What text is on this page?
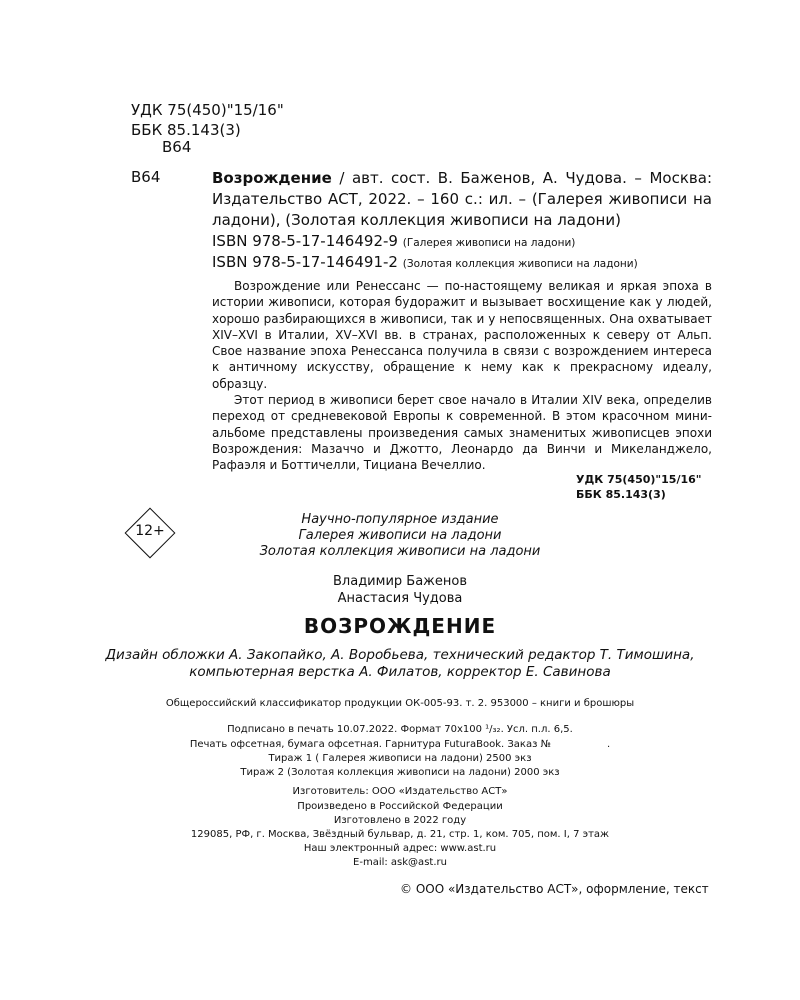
УДК 75(450)"15/16"
ББК 85.143(3)
В64
В64	Возрождение / авт. сост. В. Баженов, А. Чудова. – Москва: Издательство АСТ, 2022. – 160 с.: ил. – (Галерея живописи на ладони), (Золотая коллекция живописи на ладони)
ISBN 978-5-17-146492-9 (Галерея живописи на ладони)
ISBN 978-5-17-146491-2 (Золотая коллекция живописи на ладони)

Возрождение или Ренессанс — по-настоящему великая и яркая эпоха в истории живописи, которая будоражит и вызывает восхищение как у людей, хорошо разбирающихся в живописи, так и у непосвященных. Она охватывает XIV–XVI в Италии, XV–XVI вв. в странах, расположенных к северу от Альп. Свое название эпоха Ренессанса получила в связи с возрождением интереса к античному искусству, обращение к нему как к прекрасному идеалу, образцу.

Этот период в живописи берет свое начало в Италии XIV века, определив переход от средневековой Европы к современной. В этом красочном мини-альбоме представлены произведения самых знаменитых живописцев эпохи Возрождения: Мазаччо и Джотто, Леонардо да Винчи и Микеланджело, Рафаэля и Боттичелли, Тициана Вечеллио.

УДК 75(450)"15/16"
ББК 85.143(3)
12+
Научно-популярное издание
Галерея живописи на ладони
Золотая коллекция живописи на ладони
Владимир Баженов
Анастасия Чудова
ВОЗРОЖДЕНИЕ
Дизайн обложки А. Закопайко, А. Воробьева, технический редактор Т. Тимошина,
компьютерная верстка А. Филатов, корректор Е. Савинова
Общероссийский классификатор продукции ОК-005-93. т. 2. 953000 – книги и брошюры
Подписано в печать 10.07.2022. Формат 70x100 ¹/₃₂. Усл. п.л. 6,5.
Печать офсетная, бумага офсетная. Гарнитура FuturaBook. Заказ №	.
Тираж 1 ( Галерея живописи на ладони) 2500 экз
Тираж 2 (Золотая коллекция живописи на ладони) 2000 экз
Изготовитель: ООО «Издательство АСТ»
Произведено в Российской Федерации
Изготовлено в 2022 году
129085, РФ, г. Москва, Звёздный бульвар, д. 21, стр. 1, ком. 705, пом. I, 7 этаж
Наш электронный адрес: www.ast.ru
E-mail: ask@ast.ru
© ООО «Издательство АСТ», оформление, текст
